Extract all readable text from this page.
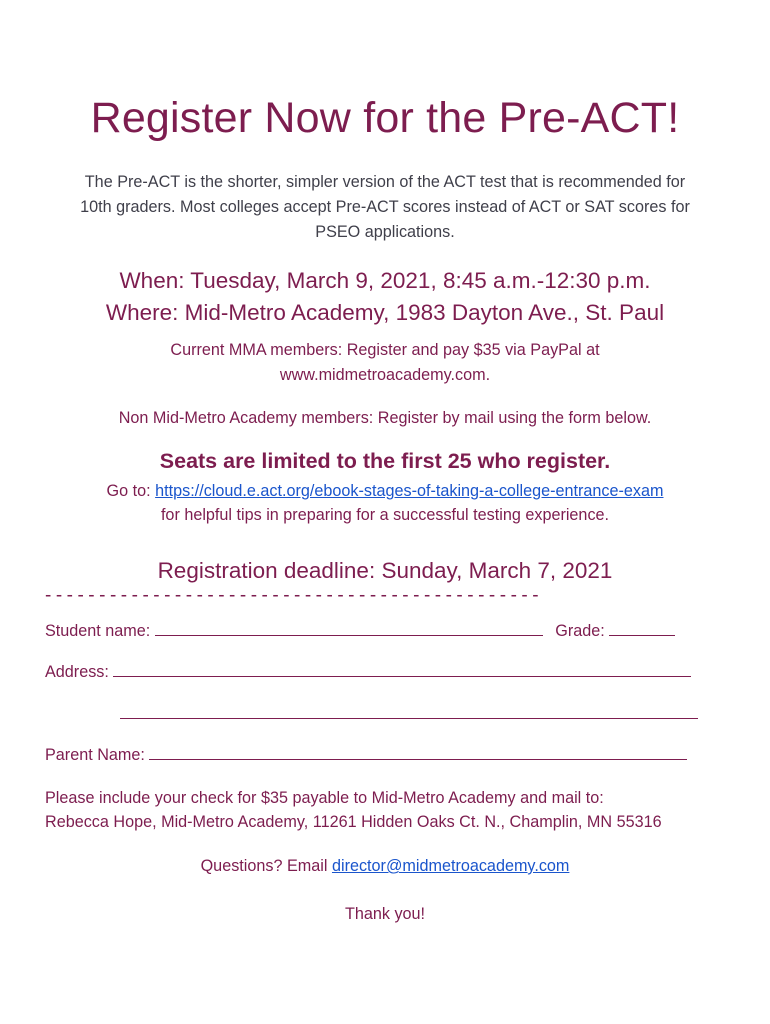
Register Now for the Pre-ACT!
The Pre-ACT is the shorter, simpler version of the ACT test that is recommended for
10th graders. Most colleges accept Pre-ACT scores instead of ACT or SAT scores for
PSEO applications.
When: Tuesday, March 9, 2021, 8:45 a.m.-12:30 p.m.
Where: Mid-Metro Academy, 1983 Dayton Ave., St. Paul
Current MMA members: Register and pay $35 via PayPal at
www.midmetroacademy.com.
Non Mid-Metro Academy members: Register by mail using the form below.
Seats are limited to the first 25 who register.
Go to: https://cloud.e.act.org/ebook-stages-of-taking-a-college-entrance-exam
for helpful tips in preparing for a successful testing experience.
Registration deadline: Sunday, March 7, 2021
----------------------------------------------
Student name:	Grade:
Address:
Parent Name:
Please include your check for $35 payable to Mid-Metro Academy and mail to:
Rebecca Hope, Mid-Metro Academy, 11261 Hidden Oaks Ct. N., Champlin, MN 55316
Questions? Email director@midmetroacademy.com
Thank you!
